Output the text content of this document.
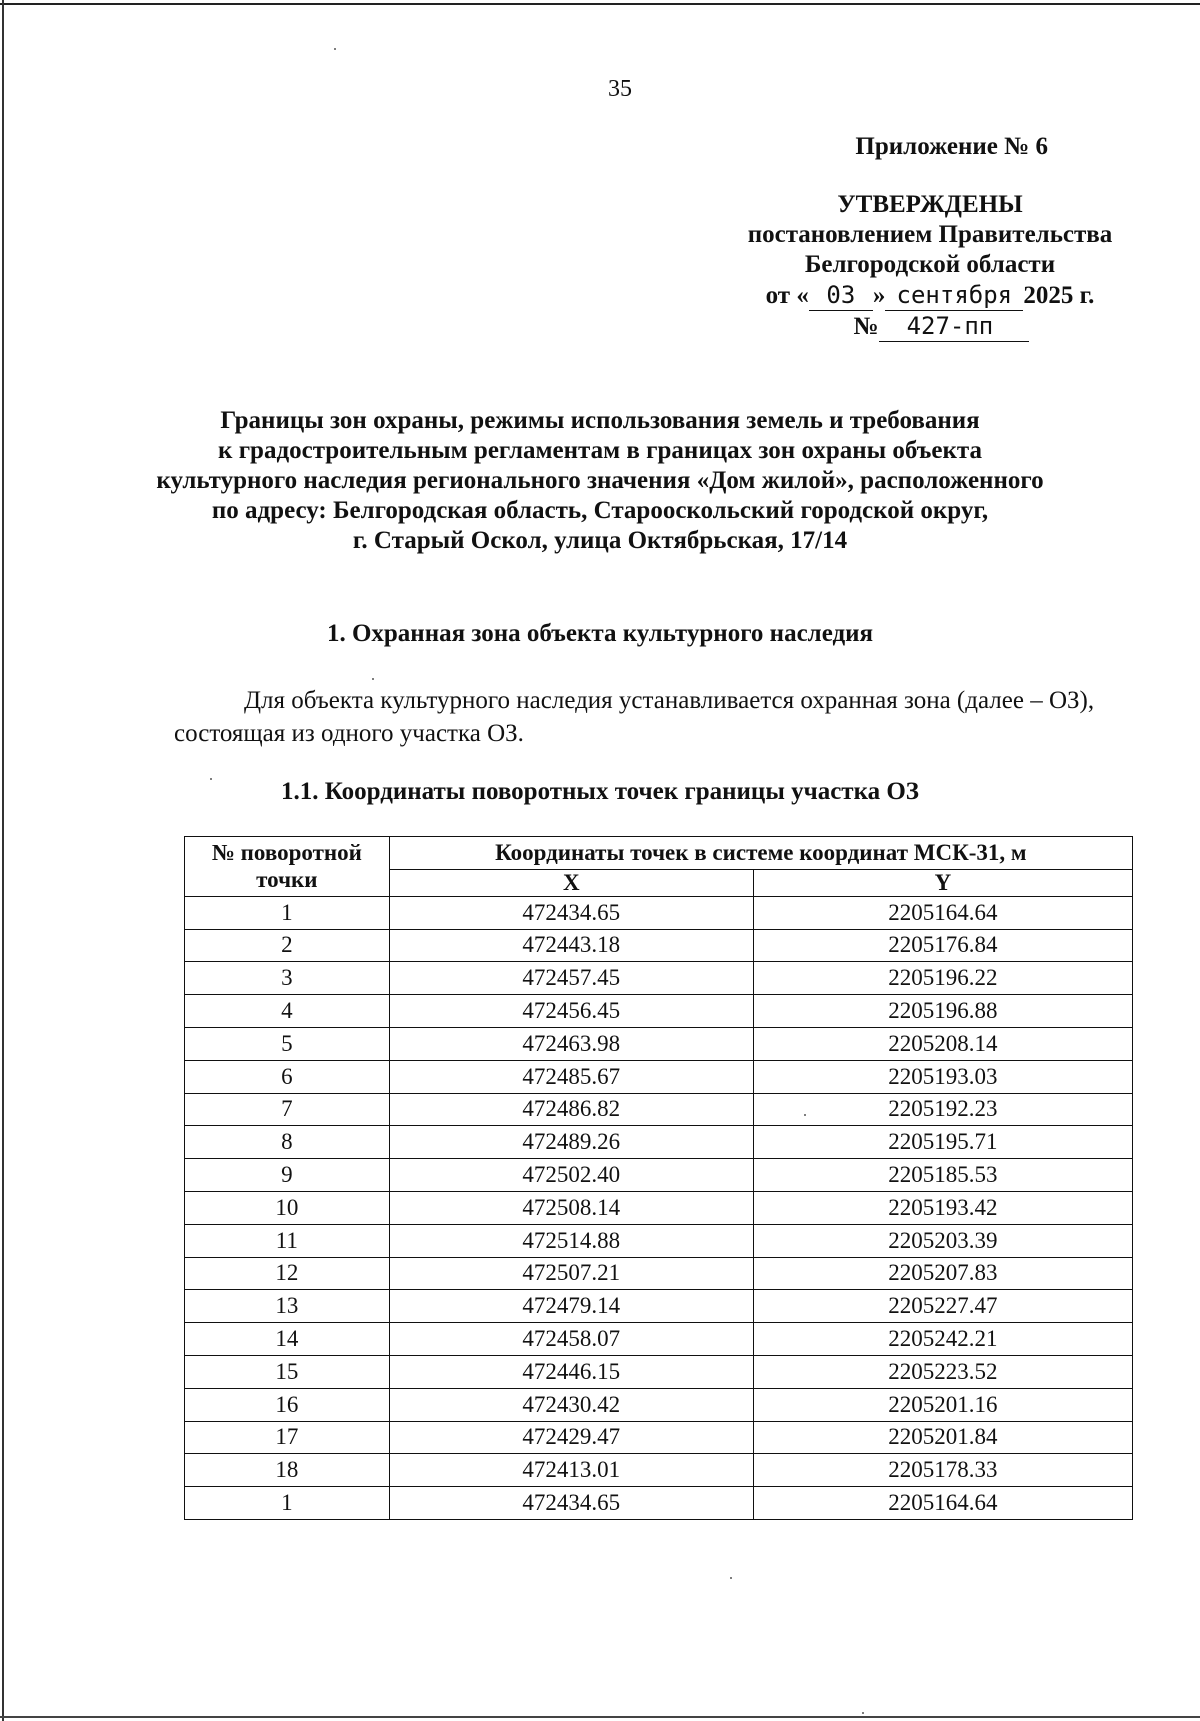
35
Приложение № 6
УТВЕРЖДЕНЫ
постановлением Правительства
Белгородской области
от « 03 » сентября 2025 г.
№ 427-пп
Границы зон охраны, режимы использования земель и требования
к градостроительным регламентам в границах зон охраны объекта
культурного наследия регионального значения «Дом жилой», расположенного
по адресу: Белгородская область, Старооскольский городской округ,
г. Старый Оскол, улица Октябрьская, 17/14
1. Охранная зона объекта культурного наследия
Для объекта культурного наследия устанавливается охранная зона (далее – ОЗ),
состоящая из одного участка ОЗ.
1.1. Координаты поворотных точек границы участка ОЗ
№ поворотной точки	Координаты точек в системе координат МСК-31, м	
	X	Y
1	472434.65	2205164.64
2	472443.18	2205176.84
3	472457.45	2205196.22
4	472456.45	2205196.88
5	472463.98	2205208.14
6	472485.67	2205193.03
7	472486.82	2205192.23
8	472489.26	2205195.71
9	472502.40	2205185.53
10	472508.14	2205193.42
11	472514.88	2205203.39
12	472507.21	2205207.83
13	472479.14	2205227.47
14	472458.07	2205242.21
15	472446.15	2205223.52
16	472430.42	2205201.16
17	472429.47	2205201.84
18	472413.01	2205178.33
1	472434.65	2205164.64
